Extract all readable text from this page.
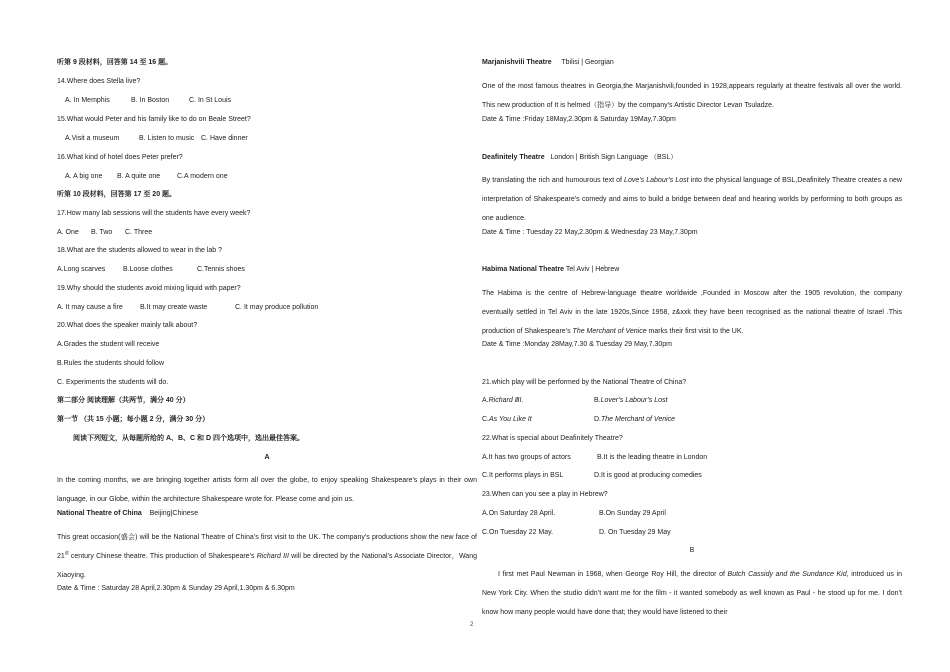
听第 9 段材料，回答第 14 至 16 题。
14.Where does Stella live?
A. In Memphis	B. In Boston	C. In St Louis
15.What would Peter and his family like to do on Beale Street?
A.Visit a museum	B. Listen to music C. Have dinner
16.What kind of hotel does Peter prefer?
A. A big one B. A quite one C.A modern one
听第 10 段材料，回答第 17 至 20 题。
17.How many lab sessions will the students have every week?
A. One B. Two C. Three
18.What are the students allowed to wear in the lab ?
A.Long scarves	B.Loose clothes	C.Tennis shoes
19.Why should the students avoid mixing liquid with paper?
A. It may cause a fire B.It may create waste	C. It may produce pollution
20.What does the speaker mainly talk about?
A.Grades the student will receive
B.Rules the students should follow
C. Experiments the students will do.
第二部分 阅读理解（共两节，满分 40 分）
第一节 （共 15 小题；每小题 2 分，满分 30 分）
阅读下列短文，从每题所给的 A、B、C 和 D 四个选项中，选出最佳答案。
A
In the coming months, we are bringing together artists form all over the globe, to enjoy speaking Shakespeare’s plays in their own language, in our Globe, within the architecture Shakespeare wrote for. Please come and join us.
National Theatre of China Beijing|Chinese
This great occasion(盛会) will be the National Theatre of China’s first visit to the UK. The company’s productions show the new face of 21st century Chinese theatre. This production of Shakespeare’s Richard III will be directed by the National’s Associate Director，Wang Xiaoying.
Date & Time : Saturday 28 April,2.30pm & Sunday 29 April,1.30pm & 6.30pm
Marjanishvili Theatre Tbilisi | Georgian
One of the most famous theatres in Georgia,the Marjanishvili,founded in 1928,appears regularly at theatre festivals all over the world. This new production of It is helmed（指导）by the company’s Artistic Director Levan Tsuladze.
Date & Time :Friday 18May,2.30pm & Saturday 19May,7.30pm
Deafinitely Theatre London | British Sign Language （BSL）
By translating the rich and humourous text of Love’s Labour’s Lost into the physical language of BSL,Deafinitely Theatre creates a new interpretation of Shakespeare’s comedy and aims to build a bridge between deaf and hearing worlds by performing to both groups as one audience.
Date & Time : Tuesday 22 May,2.30pm & Wednesday 23 May,7.30pm
Habima National Theatre Tel Aviv | Hebrew
The Habima is the centre of Hebrew-language theatre worldwide ,Founded in Moscow after the 1905 revolution, the company eventually settled in Tel Aviv in the late 1920s,Since 1958, z&xxk they have been recognised as the national theatre of Israel .This production of Shakespeare’s The Merchant of Venice marks their first visit to the UK.
Date & Time :Monday 28May,7.30 & Tuesday 29 May,7.30pm
21.which play will be performed by the National Theatre of China?
A.Richard ⅢI.	B.Lover’s Labour’s Lost
C.As You Like It	D.The Merchant of Venice
22.What is special about Deafinitely Theatre?
A.It has two groups of actors	B.It is the leading theatre in London
C.It performs plays in BSL	D.It is good at producing comedies
23.When can you see a play in Hebrew?
A.On Saturday 28 April.	B.On Sunday 29 April
C.On Tuesday 22 May.	D. On Tuesday 29 May
B
I first met Paul Newman in 1968, when George Roy Hill, the director of Butch Cassidy and the Sundance Kid, introduced us in New York City. When the studio didn’t want me for the film - it wanted somebody as well known as Paul - he stood up for me. I don’t know how many people would have done that; they would have listened to their
2
